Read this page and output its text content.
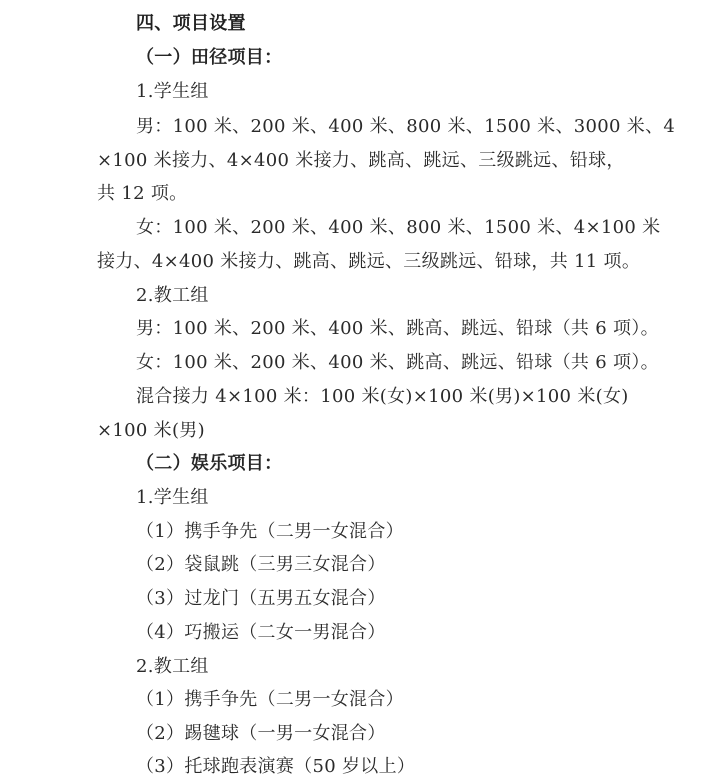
四、项目设置
（一）田径项目：
1.学生组
男：100 米、200 米、400 米、800 米、1500 米、3000 米、4
×100 米接力、4×400 米接力、跳高、跳远、三级跳远、铅球，
共 12 项。
女：100 米、200 米、400 米、800 米、1500 米、4×100 米
接力、4×400 米接力、跳高、跳远、三级跳远、铅球，共 11 项。
2.教工组
男：100 米、200 米、400 米、跳高、跳远、铅球（共 6 项）。
女：100 米、200 米、400 米、跳高、跳远、铅球（共 6 项）。
混合接力 4×100 米：100 米(女)×100 米(男)×100 米(女)
×100 米(男)
（二）娱乐项目：
1.学生组
（1）携手争先（二男一女混合）
（2）袋鼠跳（三男三女混合）
（3）过龙门（五男五女混合）
（4）巧搬运（二女一男混合）
2.教工组
（1）携手争先（二男一女混合）
（2）踢毽球（一男一女混合）
（3）托球跑表演赛（50 岁以上）
